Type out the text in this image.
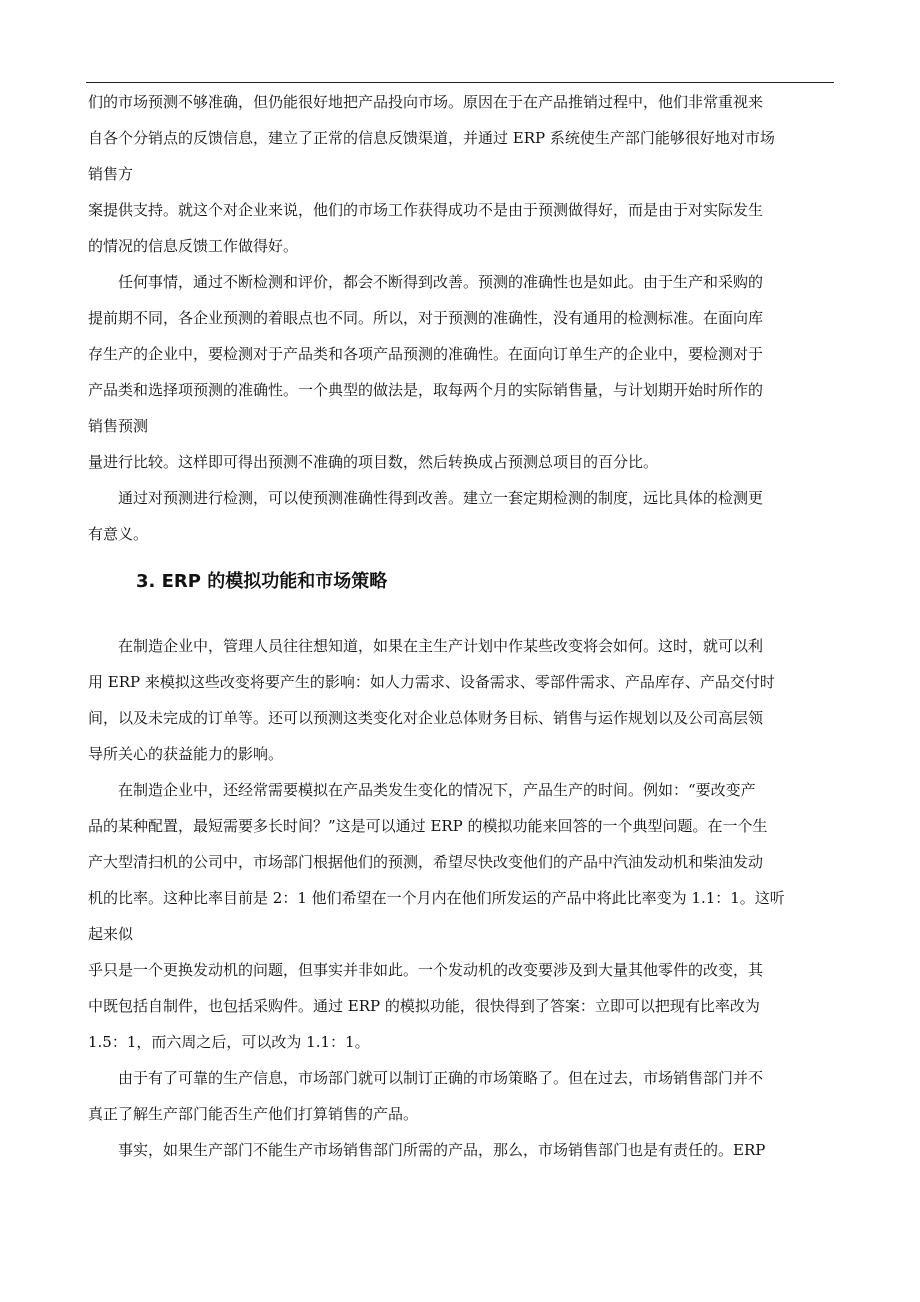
们的市场预测不够准确，但仍能很好地把产品投向市场。原因在于在产品推销过程中，他们非常重视来
自各个分销点的反馈信息，建立了正常的信息反馈渠道，并通过 ERP 系统使生产部门能够很好地对市场
销售方
案提供支持。就这个对企业来说，他们的市场工作获得成功不是由于预测做得好，而是由于对实际发生
的情况的信息反馈工作做得好。
任何事情，通过不断检测和评价，都会不断得到改善。预测的准确性也是如此。由于生产和采购的
提前期不同，各企业预测的着眼点也不同。所以，对于预测的准确性，没有通用的检测标准。在面向库
存生产的企业中，要检测对于产品类和各项产品预测的准确性。在面向订单生产的企业中，要检测对于
产品类和选择项预测的准确性。一个典型的做法是，取每两个月的实际销售量，与计划期开始时所作的
销售预测
量进行比较。这样即可得出预测不准确的项目数，然后转换成占预测总项目的百分比。
通过对预测进行检测，可以使预测准确性得到改善。建立一套定期检测的制度，远比具体的检测更
有意义。
3. ERP 的模拟功能和市场策略
在制造企业中，管理人员往往想知道，如果在主生产计划中作某些改变将会如何。这时，就可以利
用 ERP 来模拟这些改变将要产生的影响：如人力需求、设备需求、零部件需求、产品库存、产品交付时
间，以及未完成的订单等。还可以预测这类变化对企业总体财务目标、销售与运作规划以及公司高层领
导所关心的获益能力的影响。
在制造企业中，还经常需要模拟在产品类发生变化的情况下，产品生产的时间。例如：“要改变产
品的某种配置，最短需要多长时间？”这是可以通过 ERP 的模拟功能来回答的一个典型问题。在一个生
产大型清扫机的公司中，市场部门根据他们的预测，希望尽快改变他们的产品中汽油发动机和柴油发动
机的比率。这种比率目前是 2：1 他们希望在一个月内在他们所发运的产品中将此比率变为 1.1：1。这听
起来似
乎只是一个更换发动机的问题，但事实并非如此。一个发动机的改变要涉及到大量其他零件的改变，其
中既包括自制件，也包括采购件。通过 ERP 的模拟功能，很快得到了答案：立即可以把现有比率改为
1.5：1，而六周之后，可以改为 1.1：1。
由于有了可靠的生产信息，市场部门就可以制订正确的市场策略了。但在过去，市场销售部门并不
真正了解生产部门能否生产他们打算销售的产品。
事实，如果生产部门不能生产市场销售部门所需的产品，那么，市场销售部门也是有责任的。ERP
